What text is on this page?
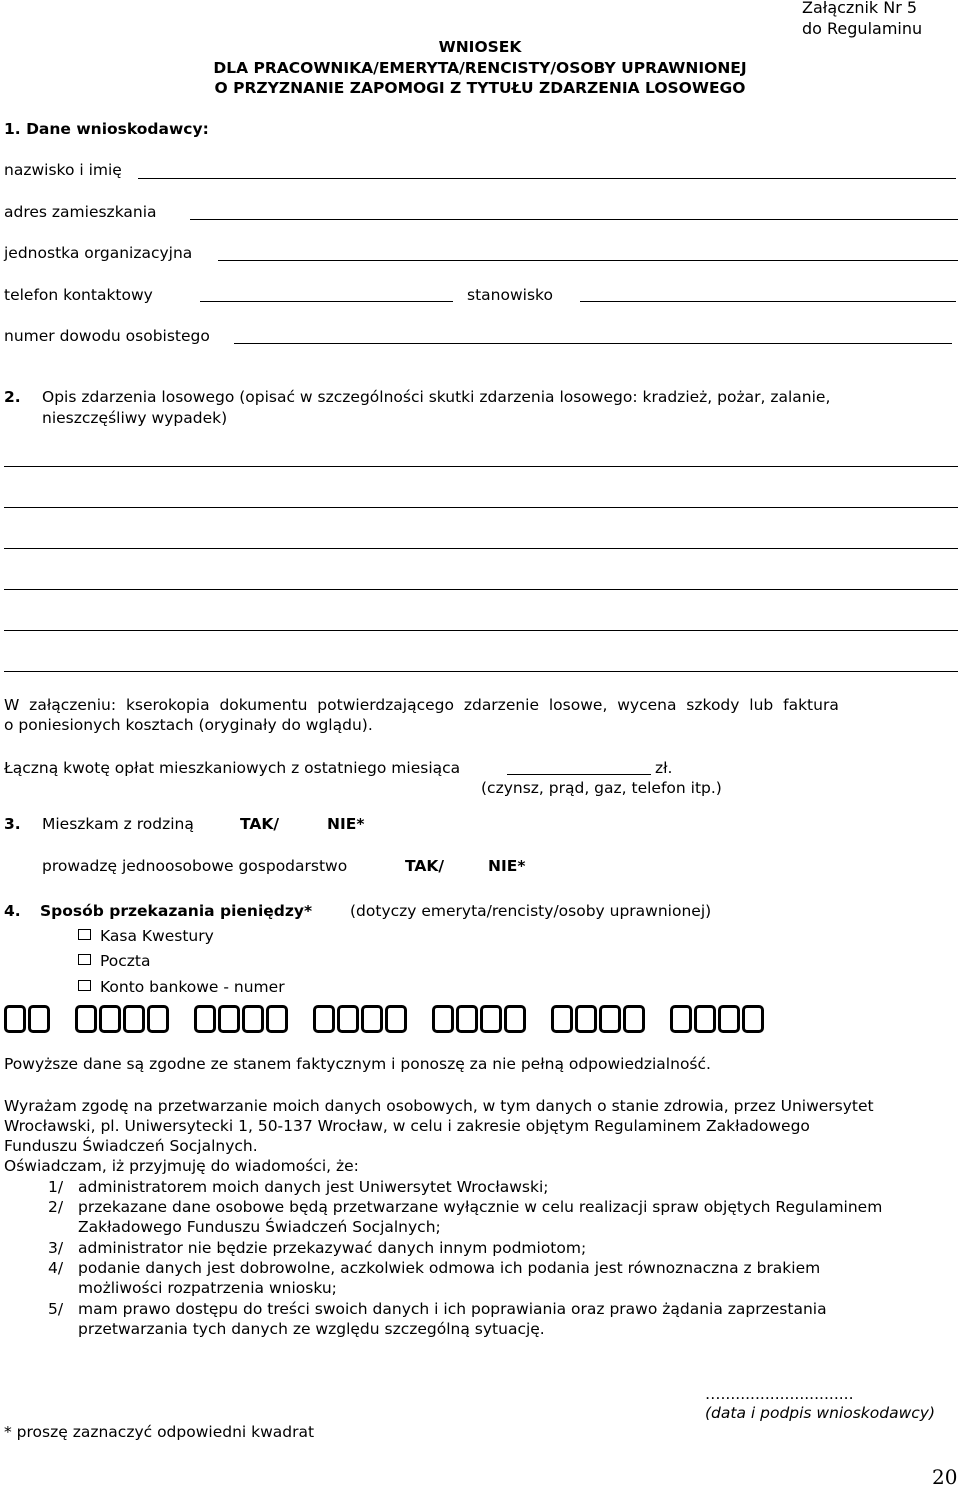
Załącznik Nr 5
do Regulaminu
WNIOSEK
DLA PRACOWNIKA/EMERYTA/RENCISTY/OSOBY UPRAWNIONEJ
O PRZYZNANIE ZAPOMOGI Z TYTUŁU ZDARZENIA LOSOWEGO
1. Dane wnioskodawcy:
nazwisko i imię
adres zamieszkania
jednostka organizacyjna
telefon kontaktowy	stanowisko
numer dowodu osobistego
2. Opis zdarzenia losowego (opisać w szczególności skutki zdarzenia losowego: kradzież, pożar, zalanie,
nieszczęśliwy wypadek)
W  załączeniu:  kserokopia  dokumentu  potwierdzającego  zdarzenie  losowe,  wycena  szkody  lub  faktura
o poniesionych kosztach (oryginały do wglądu).
Łączną kwotę opłat mieszkaniowych z ostatniego miesiąca	zł.
(czynsz, prąd, gaz, telefon itp.)
3. Mieszkam z rodziną	TAK/	NIE*
prowadzę jednoosobowe gospodarstwo	TAK/	NIE*
4. Sposób przekazania pieniędzy* (dotyczy emeryta/rencisty/osoby uprawnionej)
Kasa Kwestury
Poczta
Konto bankowe - numer
Powyższe dane są zgodne ze stanem faktycznym i ponoszę za nie pełną odpowiedzialność.
Wyrażam zgodę na przetwarzanie moich danych osobowych, w tym danych o stanie zdrowia, przez Uniwersytet
Wrocławski, pl. Uniwersytecki 1, 50-137 Wrocław, w celu i zakresie objętym Regulaminem Zakładowego
Funduszu Świadczeń Socjalnych.
Oświadczam, iż przyjmuję do wiadomości, że:
1/ administratorem moich danych jest Uniwersytet Wrocławski;
2/ przekazane dane osobowe będą przetwarzane wyłącznie w celu realizacji spraw objętych Regulaminem
Zakładowego Funduszu Świadczeń Socjalnych;
3/ administrator nie będzie przekazywać danych innym podmiotom;
4/ podanie danych jest dobrowolne, aczkolwiek odmowa ich podania jest równoznaczna z brakiem
możliwości rozpatrzenia wniosku;
5/ mam prawo dostępu do treści swoich danych i ich poprawiania oraz prawo żądania zaprzestania
przetwarzania tych danych ze względu szczególną sytuację.
…...........................
(data i podpis wnioskodawcy)
* proszę zaznaczyć odpowiedni kwadrat
20
